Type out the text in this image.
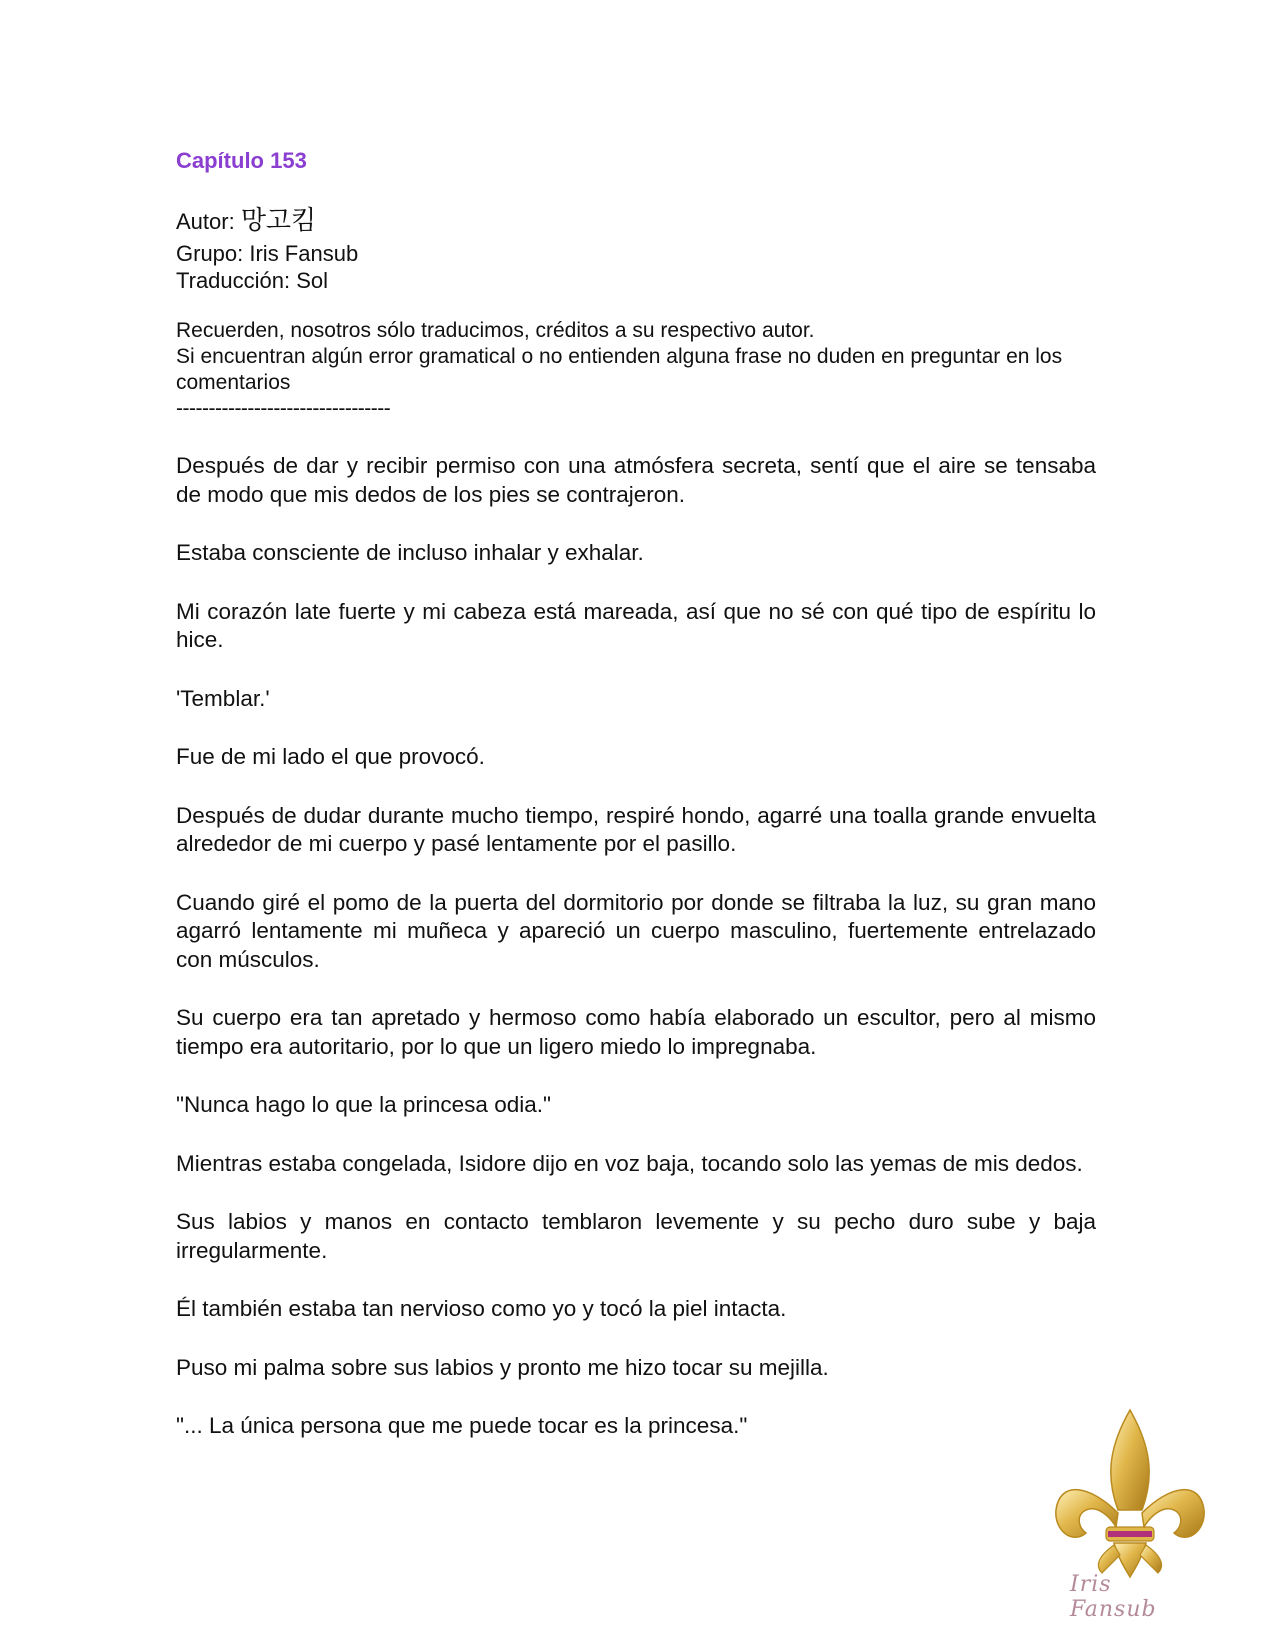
Capítulo 153
Autor: 망고킴
Grupo: Iris Fansub
Traducción: Sol
Recuerden, nosotros sólo traducimos, créditos a su respectivo autor.
Si encuentran algún error gramatical o no entienden alguna frase no duden en preguntar en los comentarios
---------------------------------

Después de dar y recibir permiso con una atmósfera secreta, sentí que el aire se tensaba de modo que mis dedos de los pies se contrajeron.

Estaba consciente de incluso inhalar y exhalar.

Mi corazón late fuerte y mi cabeza está mareada, así que no sé con qué tipo de espíritu lo hice.

'Temblar.'

Fue de mi lado el que provocó.

Después de dudar durante mucho tiempo, respiré hondo, agarré una toalla grande envuelta alrededor de mi cuerpo y pasé lentamente por el pasillo.

Cuando giré el pomo de la puerta del dormitorio por donde se filtraba la luz, su gran mano agarró lentamente mi muñeca y apareció un cuerpo masculino, fuertemente entrelazado con músculos.

Su cuerpo era tan apretado y hermoso como había elaborado un escultor, pero al mismo tiempo era autoritario, por lo que un ligero miedo lo impregnaba.

"Nunca hago lo que la princesa odia."

Mientras estaba congelada, Isidore dijo en voz baja, tocando solo las yemas de mis dedos.

Sus labios y manos en contacto temblaron levemente y su pecho duro sube y baja irregularmente.

Él también estaba tan nervioso como yo y tocó la piel intacta.

Puso mi palma sobre sus labios y pronto me hizo tocar su mejilla.

"... La única persona que me puede tocar es la princesa."

Iris Fansub
